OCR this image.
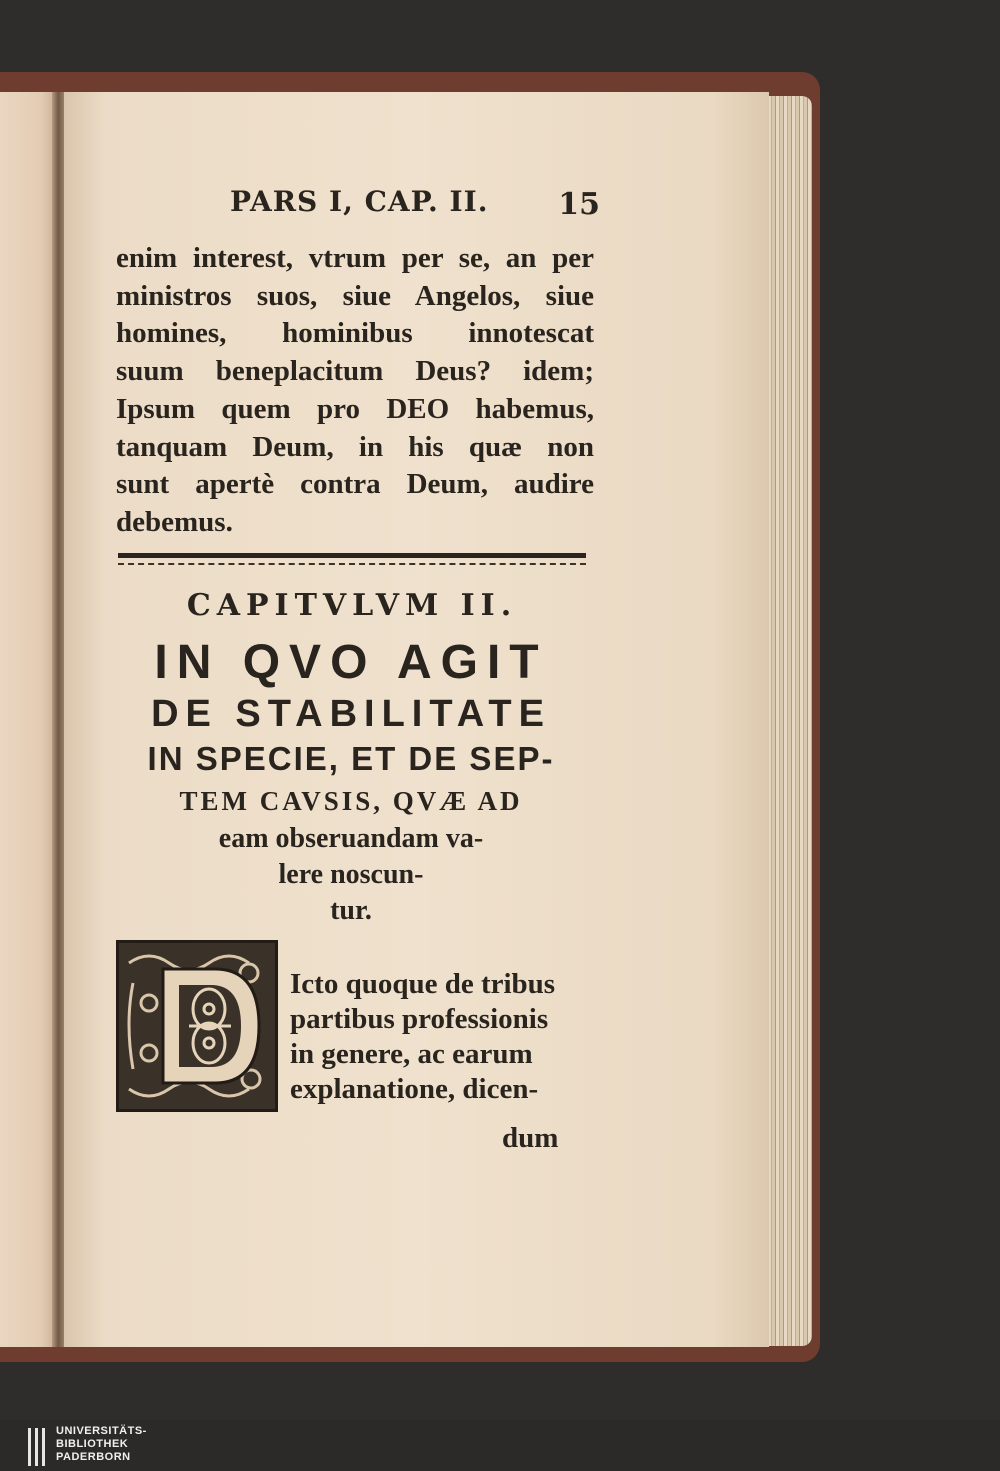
PARS I, CAP. II. 15
enim interest, vtrum per se, an per
ministros suos, siue Angelos, siue
homines, hominibus innotescat
suum beneplacitum Deus? idem;
Ipsum quem pro DEO habemus,
tanquam Deum, in his quæ non
sunt apertè contra Deum, audire
debemus.
CAPITVLVM II.
IN QVO AGIT
DE STABILITATE
IN SPECIE, ET DE SEP-
TEM CAVSIS, QVÆ AD
eam obseruandam va-
lere noscun-
tur.
Icto quoque de tribus
partibus professionis
in genere, ac earum
explanatione, dicen-
dum
UNIVERSITÄTS-
BIBLIOTHEK
PADERBORN
